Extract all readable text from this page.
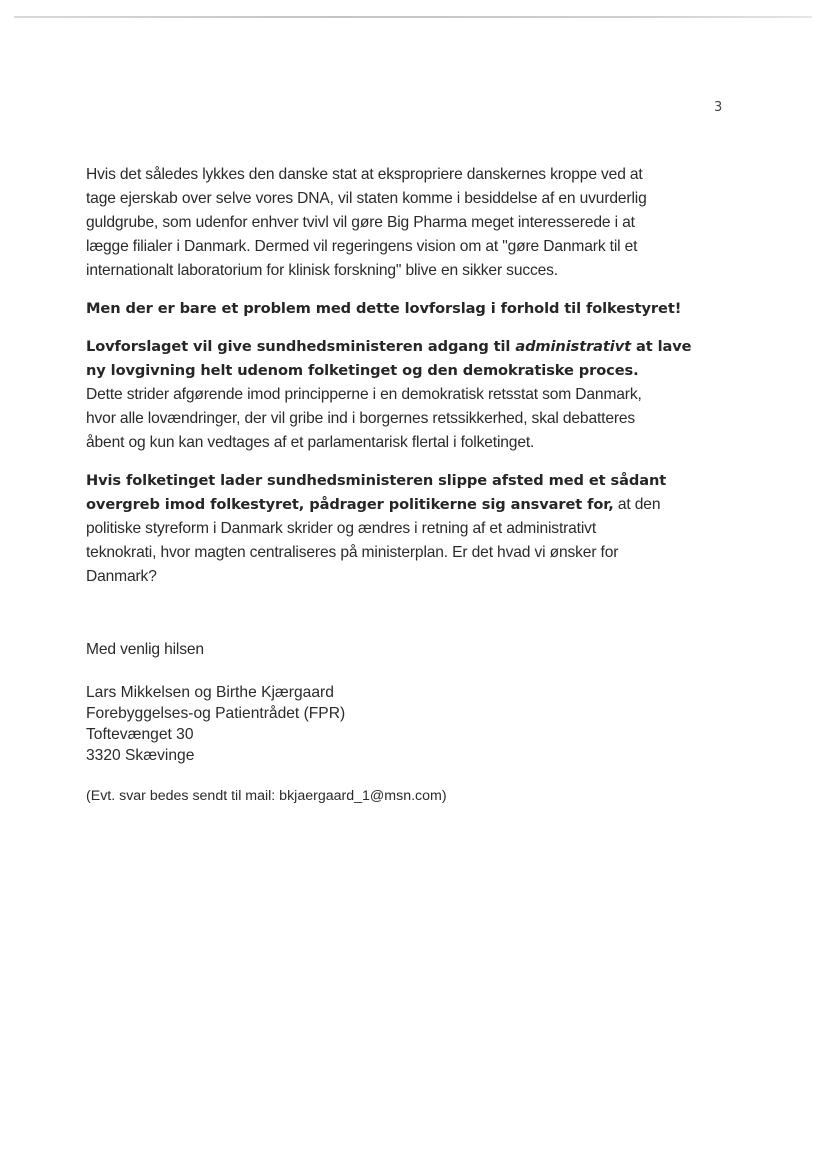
3

Hvis det således lykkes den danske stat at ekspropriere danskernes kroppe ved at
tage ejerskab over selve vores DNA, vil staten komme i besiddelse af en uvurderlig
guldgrube, som udenfor enhver tvivl vil gøre Big Pharma meget interesserede i at
lægge filialer i Danmark. Dermed vil regeringens vision om at "gøre Danmark til et
internationalt laboratorium for klinisk forskning" blive en sikker succes.

Men der er bare et problem med dette lovforslag i forhold til folkestyret!

Lovforslaget vil give sundhedsministeren adgang til administrativt at lave
ny lovgivning helt udenom folketinget og den demokratiske proces.
Dette strider afgørende imod principperne i en demokratisk retsstat som Danmark,
hvor alle lovændringer, der vil gribe ind i borgernes retssikkerhed, skal debatteres
åbent og kun kan vedtages af et parlamentarisk flertal i folketinget.

Hvis folketinget lader sundhedsministeren slippe afsted med et sådant
overgreb imod folkestyret, pådrager politikerne sig ansvaret for, at den
politiske styreform i Danmark skrider og ændres i retning af et administrativt
teknokrati, hvor magten centraliseres på ministerplan. Er det hvad vi ønsker for
Danmark?

Med venlig hilsen

Lars Mikkelsen og Birthe Kjærgaard
Forebyggelses-og Patientrådet (FPR)
Toftevænget 30
3320 Skævinge
(Evt. svar bedes sendt til mail: bkjaergaard_1@msn.com)
